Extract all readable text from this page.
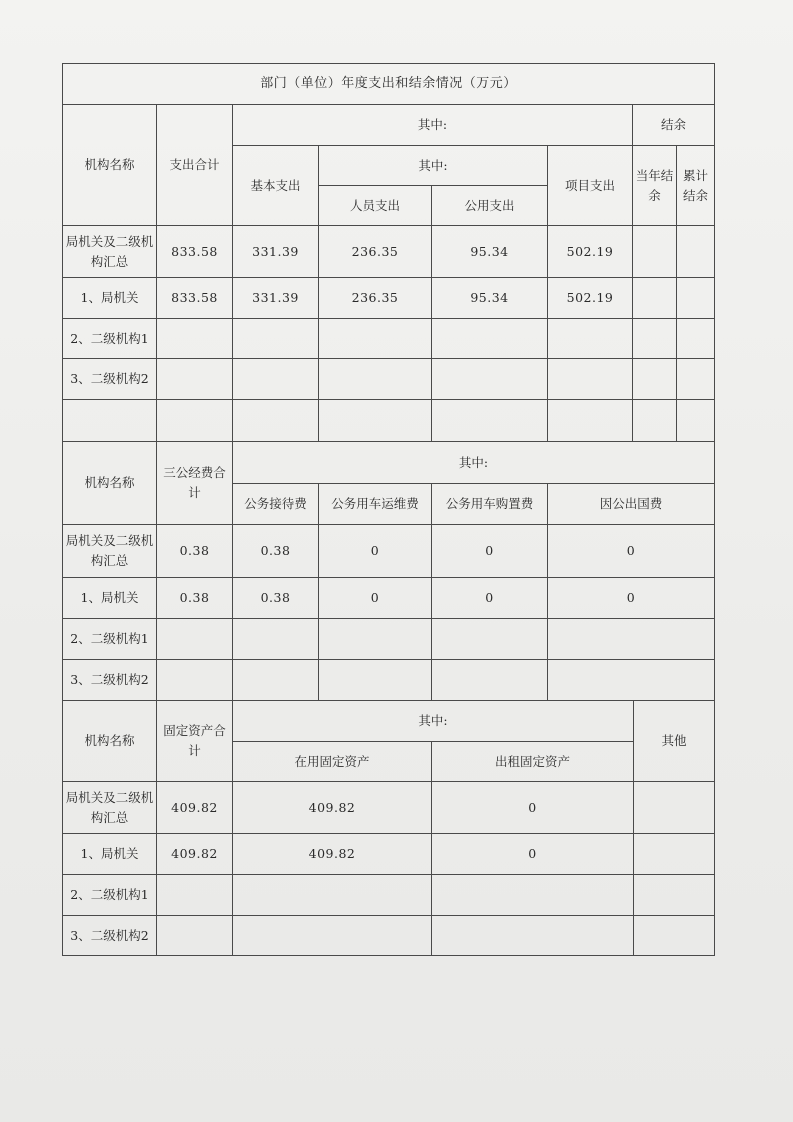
部门（单位）年度支出和结余情况（万元）							
机构名称	支出合计	其中:				结余	
		基本支出	其中:		项目支出	当年结余	累计结余
			人员支出	公用支出			
局机关及二级机构汇总	833.58	331.39	236.35	95.34	502.19		
1、局机关	833.58	331.39	236.35	95.34	502.19		
2、二级机构1							
3、二级机构2							

机构名称	三公经费合计	其中:			
		公务接待费	公务用车运维费	公务用车购置费	因公出国费
局机关及二级机构汇总	0.38	0.38	0	0	0
1、局机关	0.38	0.38	0	0	0
2、二级机构1					
3、二级机构2					
机构名称	固定资产合计	其中:		其他
		在用固定资产	出租固定资产	
局机关及二级机构汇总	409.82	409.82	0	
1、局机关	409.82	409.82	0	
2、二级机构1				
3、二级机构2				
